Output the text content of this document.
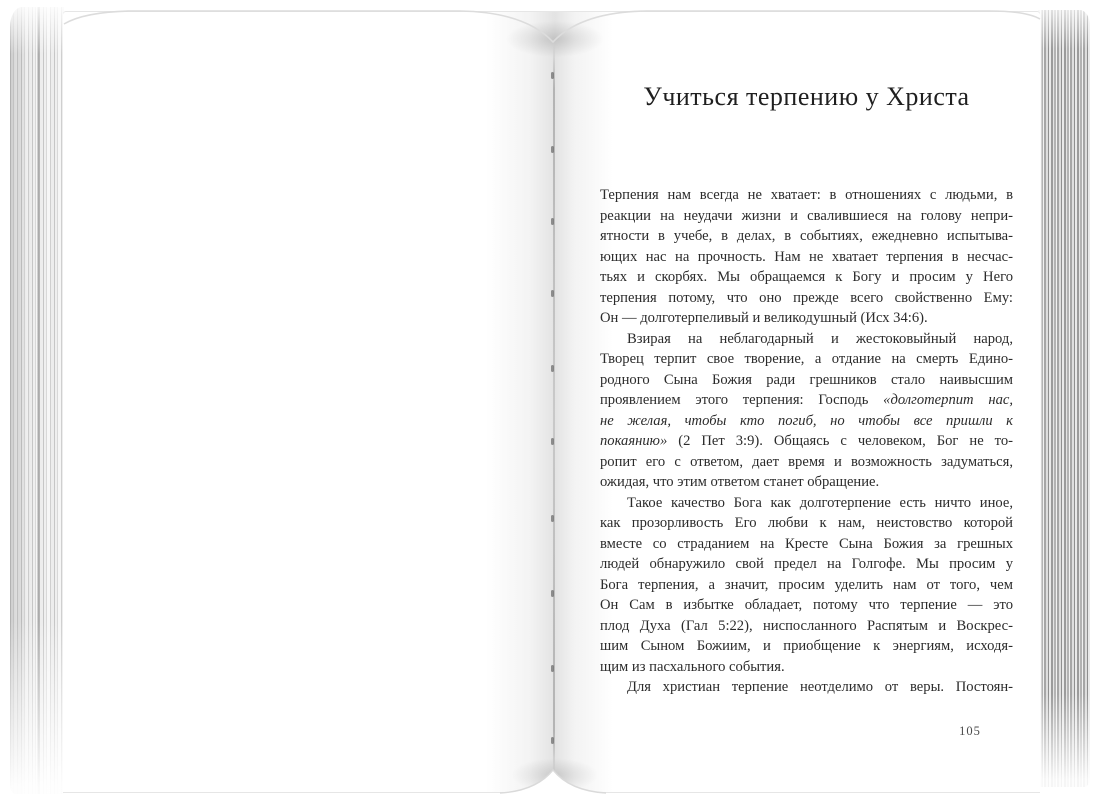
Учиться терпению у Христа
Терпения нам всегда не хватает: в отношениях с людьми, в
реакции на неудачи жизни и свалившиеся на голову непри-
ятности в учебе, в делах, в событиях, ежедневно испытыва-
ющих нас на прочность. Нам не хватает терпения в несчас-
тьях и скорбях. Мы обращаемся к Богу и просим у Него
терпения потому, что оно прежде всего свойственно Ему:
Он — долготерпеливый и великодушный (Исх 34:6).
Взирая на неблагодарный и жестоковыйный народ,
Творец терпит свое творение, а отдание на смерть Едино-
родного Сына Божия ради грешников стало наивысшим
проявлением этого терпения: Господь «долготерпит нас,
не желая, чтобы кто погиб, но чтобы все пришли к
покаянию» (2 Пет 3:9). Общаясь с человеком, Бог не то-
ропит его с ответом, дает время и возможность задуматься,
ожидая, что этим ответом станет обращение.
Такое качество Бога как долготерпение есть ничто иное,
как прозорливость Его любви к нам, неистовство которой
вместе со страданием на Кресте Сына Божия за грешных
людей обнаружило свой предел на Голгофе. Мы просим у
Бога терпения, а значит, просим уделить нам от того, чем
Он Сам в избытке обладает, потому что терпение — это
плод Духа (Гал 5:22), ниспосланного Распятым и Воскрес-
шим Сыном Божиим, и приобщение к энергиям, исходя-
щим из пасхального события.
Для христиан терпение неотделимо от веры. Постоян-
105
